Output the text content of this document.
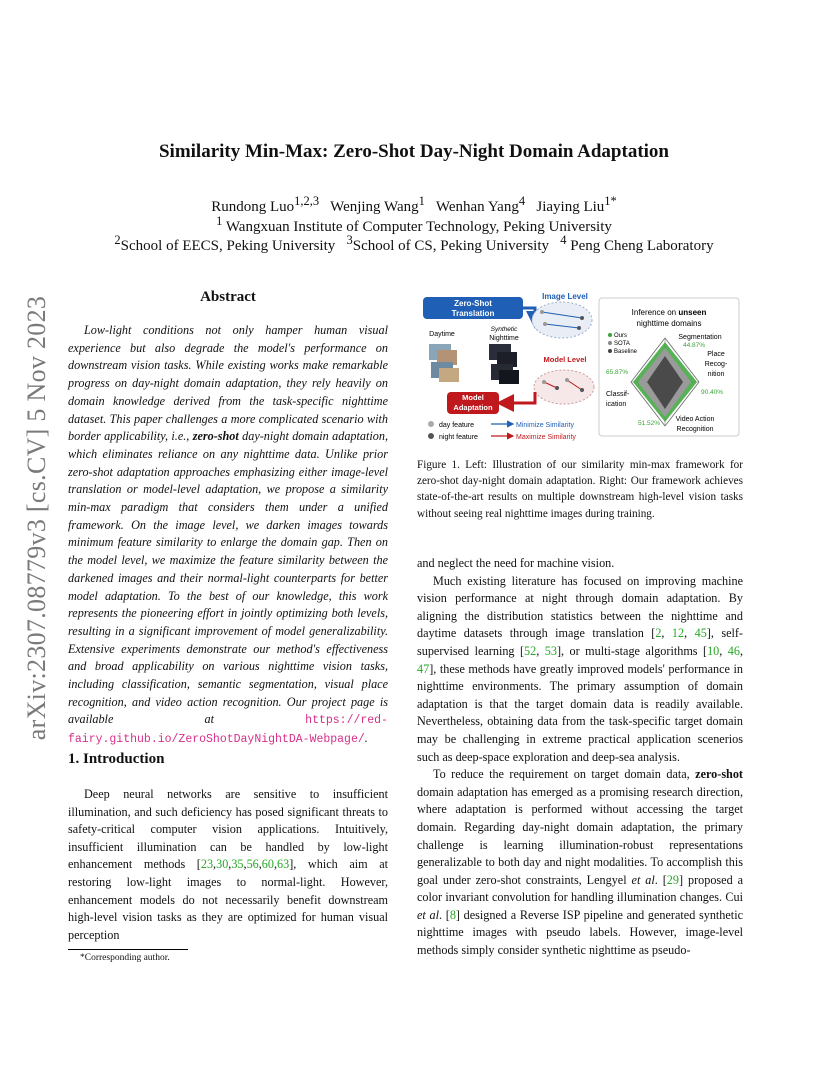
arXiv:2307.08779v3 [cs.CV] 5 Nov 2023
Similarity Min-Max: Zero-Shot Day-Night Domain Adaptation
Rundong Luo$^{1,2,3}$ Wenjing Wang$^1$ Wenhan Yang$^4$ Jiaying Liu$^{1*}$
$^1$ Wangxuan Institute of Computer Technology, Peking University
$^2$School of EECS, Peking University $^3$School of CS, Peking University $^4$ Peng Cheng Laboratory
Abstract
Low-light conditions not only hamper human visual experience but also degrade the model's performance on downstream vision tasks. While existing works make remarkable progress on day-night domain adaptation, they rely heavily on domain knowledge derived from the task-specific nighttime dataset. This paper challenges a more complicated scenario with border applicability, i.e., zero-shot day-night domain adaptation, which eliminates reliance on any nighttime data. Unlike prior zero-shot adaptation approaches emphasizing either image-level translation or model-level adaptation, we propose a similarity min-max paradigm that considers them under a unified framework. On the image level, we darken images towards minimum feature similarity to enlarge the domain gap. Then on the model level, we maximize the feature similarity between the darkened images and their normal-light counterparts for better model adaptation. To the best of our knowledge, this work represents the pioneering effort in jointly optimizing both levels, resulting in a significant improvement of model generalizability. Extensive experiments demonstrate our method's effectiveness and broad applicability on various nighttime vision tasks, including classification, semantic segmentation, visual place recognition, and video action recognition. Our project page is available at https://red-fairy.github.io/ZeroShotDayNightDA-Webpage/.
1. Introduction
Deep neural networks are sensitive to insufficient illumination, and such deficiency has posed significant threats to safety-critical computer vision applications. Intuitively, insufficient illumination can be handled by low-light enhancement methods [23,30,35,56,60,63], which aim at restoring low-light images to normal-light. However, enhancement models do not necessarily benefit downstream high-level vision tasks as they are optimized for human visual perception
*Corresponding author.
Zero-Shot
Translation
Image Level
Daytime
Synthetic
Nighttime
Model Level
Model
Adaptation
day feature
night feature
Minimize Similarity
Maximize Similarity
Inference on unseen
nighttime domains
Ours
SOTA
Baseline
Segmentation
44.87%
Place
Recog-
nition
90.40%
65.87%
Classif-
ication
51.52%
Video Action
Recognition
Figure 1. Left: Illustration of our similarity min-max framework for zero-shot day-night domain adaptation. Right: Our framework achieves state-of-the-art results on multiple downstream high-level vision tasks without seeing real nighttime images during training.

and neglect the need for machine vision.

Much existing literature has focused on improving machine vision performance at night through domain adaptation. By aligning the distribution statistics between the nighttime and daytime datasets through image translation [2, 12, 45], self-supervised learning [52, 53], or multi-stage algorithms [10, 46, 47], these methods have greatly improved models' performance in nighttime environments. The primary assumption of domain adaptation is that the target domain data is readily available. Nevertheless, obtaining data from the task-specific target domain may be challenging in extreme practical application scenerios such as deep-space exploration and deep-sea analysis.

To reduce the requirement on target domain data, zero-shot domain adaptation has emerged as a promising research direction, where adaptation is performed without accessing the target domain. Regarding day-night domain adaptation, the primary challenge is learning illumination-robust representations generalizable to both day and night modalities. To accomplish this goal under zero-shot constraints, Lengyel et al. [29] proposed a color invariant convolution for handling illumination changes. Cui et al. [8] designed a Reverse ISP pipeline and generated synthetic nighttime images with pseudo labels. However, image-level methods simply consider synthetic nighttime as pseudo-
